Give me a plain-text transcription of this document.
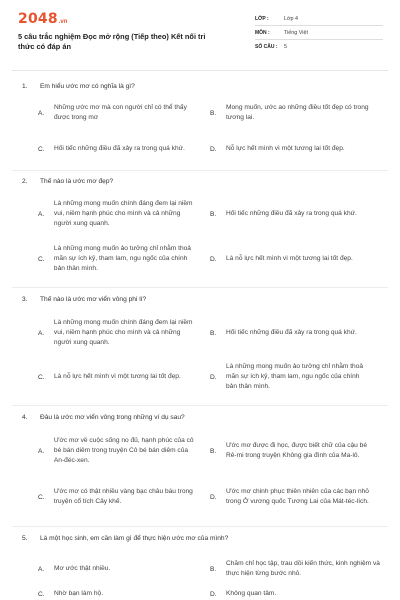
2048 .vn
5 câu trắc nghiệm Đọc mở rộng (Tiếp theo) Kết nối tri thức có đáp án
LỚP :	Lớp 4
MÔN :	Tiếng Việt
SỐ CÂU :	5
1.	Em hiểu ước mơ có nghĩa là gì?
A.
Những ước mơ mà con người chỉ có thể thấy được trong mơ
B.
Mong muốn, ước ao những điều tốt đẹp có trong tương lai.
C.	Hối tiếc những điều đã xảy ra trong quá khứ.	D.	Nỗ lực hết mình vì một tương lai tốt đẹp.
2.	Thế nào là ước mơ đẹp?
A.
Là những mong muốn chính đáng đem lại niềm vui, niềm hạnh phúc cho mình và cả những người xung quanh.
B.	Hối tiếc những điều đã xảy ra trong quá khứ.
C.
Là những mong muốn ảo tưởng chỉ nhằm thoả mãn sự ích kỷ, tham lam, ngu ngốc của chính bản thân mình.
D.	Là nỗ lực hết mình vì một tương lai tốt đẹp.
3.	Thế nào là ước mơ viển vông phi lí?
A.
Là những mong muốn chính đáng đem lại niềm vui, niềm hạnh phúc cho mình và cả những người xung quanh.
B.	Hối tiếc những điều đã xảy ra trong quá khứ.
C.	Là nỗ lực hết mình vì một tương lai tốt đẹp.	D.
Là những mong muốn ảo tưởng chỉ nhằm thoả mãn sự ích kỷ, tham lam, ngu ngốc của chính bản thân mình.
4.	Đâu là ước mơ viển vông trong những ví dụ sau?
A.
Ước mơ về cuộc sống no đủ, hạnh phúc của cô bé bán diêm trong truyện Cô bé bán diêm của An-đéc-xen.
B.
Ước mơ được đi học, được biết chữ của cậu bé Rê-mi trong truyện Không gia đình của Ma-lô.
C.
Ước mơ có thật nhiều vàng bạc châu báu trong truyện cổ tích Cây khế.
D.
Ước mơ chinh phục thiên nhiên của các bạn nhỏ trong Ở vương quốc Tương Lai của Mát-téc-lích.
5.	Là một học sinh, em cần làm gì để thực hiện ước mơ của mình?
A.	Mơ ước thật nhiều.	B.
Chăm chỉ học tập, trau dồi kiến thức, kinh nghiệm và thực hiện từng bước nhỏ.
C.	Nhờ bạn làm hộ.	D.	Không quan tâm.
